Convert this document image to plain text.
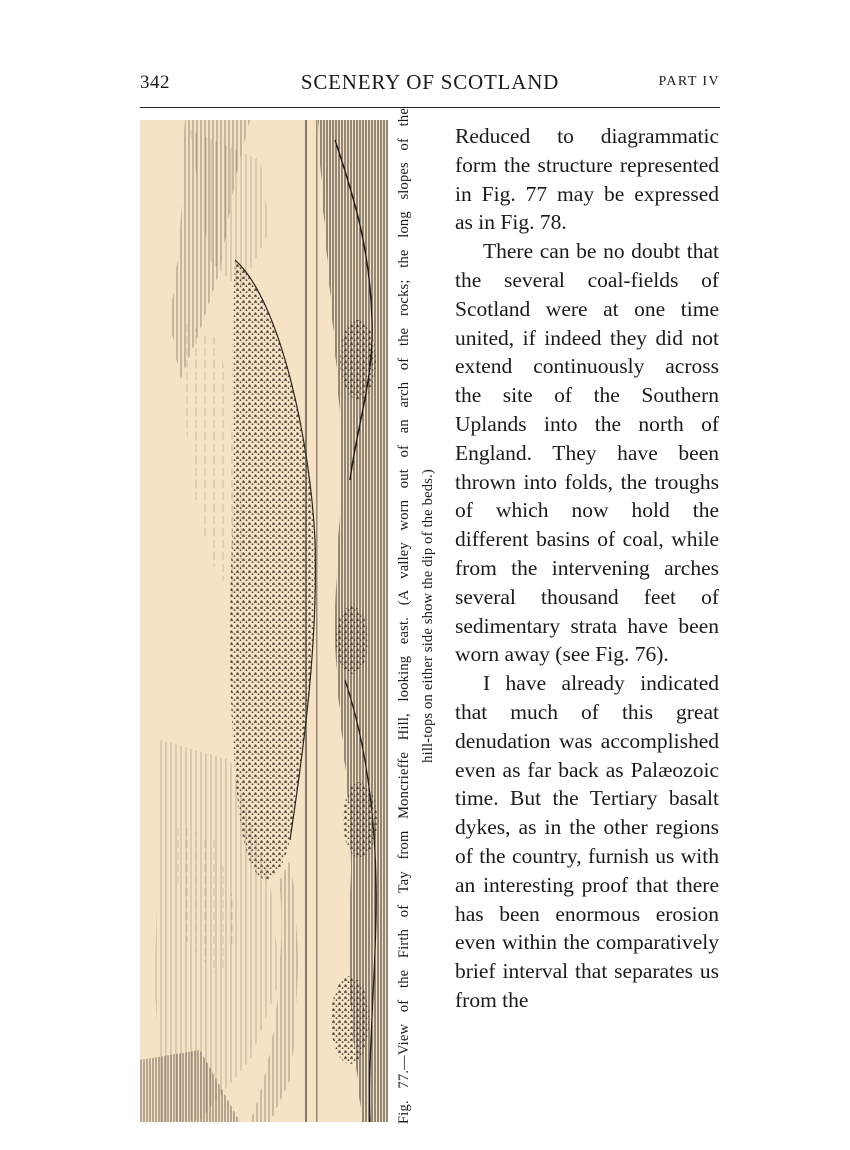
342	SCENERY OF SCOTLAND	PART IV
Fig. 77.—View of the Firth of Tay from Moncrieffe Hill, looking east. (A valley worn out of an arch of the rocks; the long slopes of the hill-tops on either side show the dip of the beds.)

Reduced to diagrammatic form the structure represented in Fig. 77 may be expressed as in Fig. 78.

There can be no doubt that the several coal-fields of Scotland were at one time united, if indeed they did not extend continuously across the site of the Southern Uplands into the north of England. They have been thrown into folds, the troughs of which now hold the different basins of coal, while from the intervening arches several thousand feet of sedimentary strata have been worn away (see Fig. 76).

I have already indicated that much of this great denudation was accomplished even as far back as Palæozoic time. But the Tertiary basalt dykes, as in the other regions of the country, furnish us with an interesting proof that there has been enormous erosion even within the comparatively brief interval that separates us from the
